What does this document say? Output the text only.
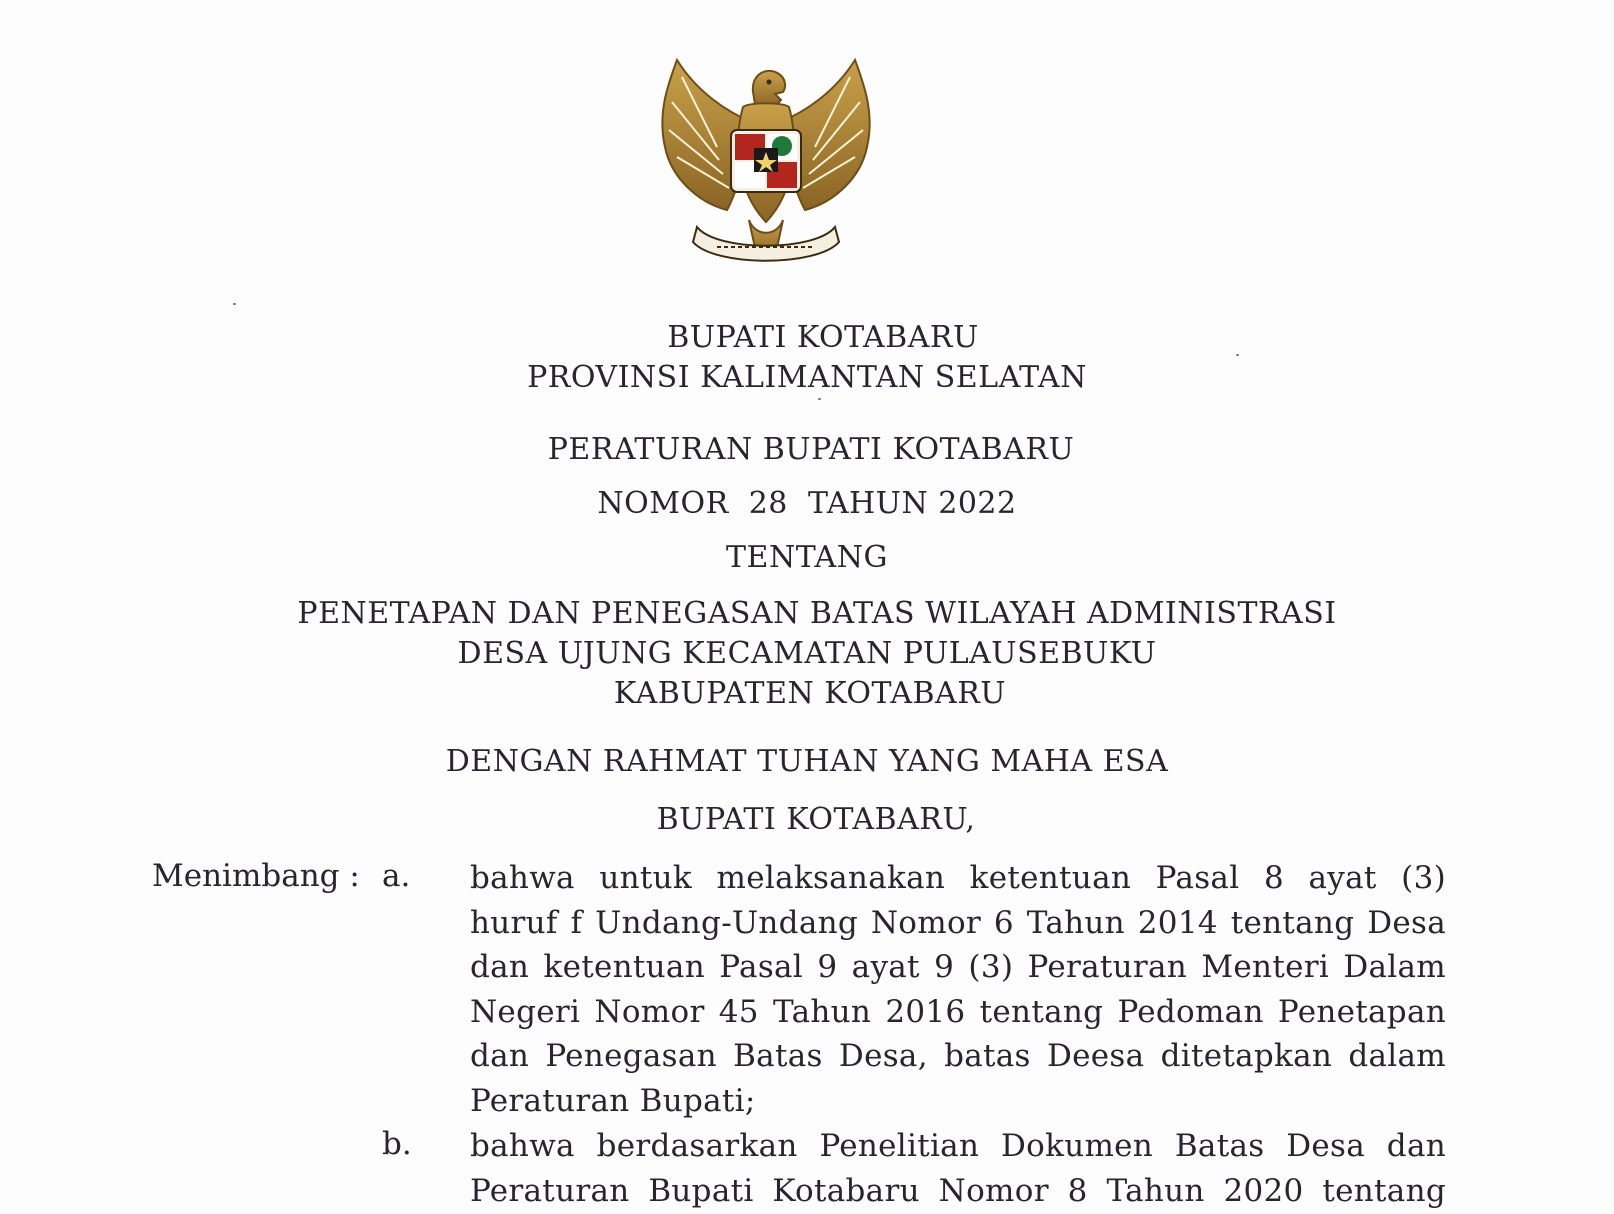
BUPATI KOTABARU
PROVINSI KALIMANTAN SELATAN
PERATURAN BUPATI KOTABARU
NOMOR  28  TAHUN 2022
TENTANG
PENETAPAN DAN PENEGASAN BATAS WILAYAH ADMINISTRASI
DESA UJUNG KECAMATAN PULAUSEBUKU
KABUPATEN KOTABARU
DENGAN RAHMAT TUHAN YANG MAHA ESA
BUPATI KOTABARU,
Menimbang : a. bahwa untuk melaksanakan ketentuan Pasal 8 ayat (3)
huruf f Undang-Undang Nomor 6 Tahun 2014 tentang Desa
dan ketentuan Pasal 9 ayat 9 (3) Peraturan Menteri Dalam
Negeri Nomor 45 Tahun 2016 tentang Pedoman Penetapan
dan Penegasan Batas Desa, batas Deesa ditetapkan dalam
Peraturan Bupati;
b. bahwa berdasarkan Penelitian Dokumen Batas Desa dan
Peraturan Bupati Kotabaru Nomor 8 Tahun 2020 tentang
